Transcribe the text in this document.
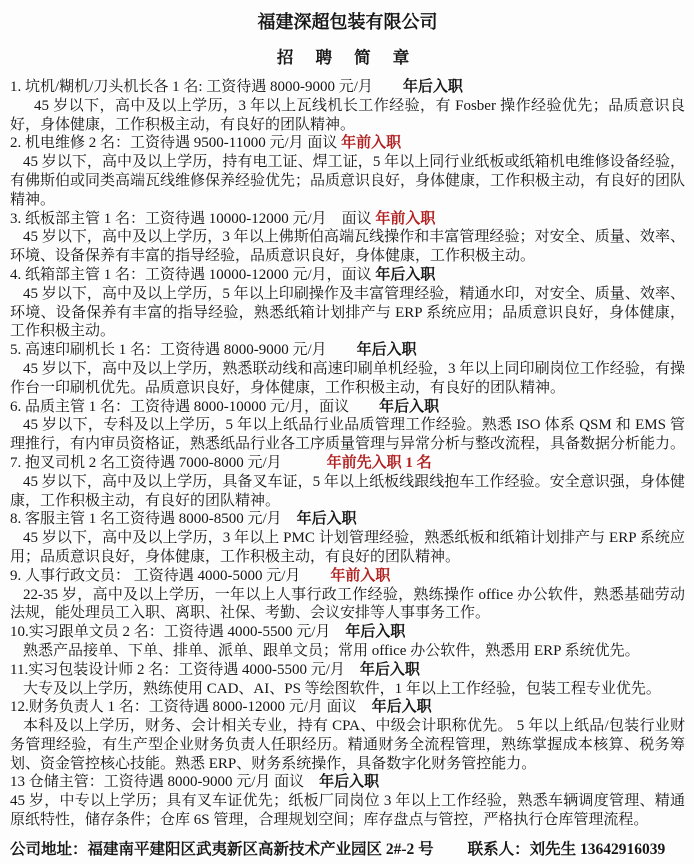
福建深超包装有限公司
招 聘 简 章

1. 坑机/糊机/刀头机长各 1 名: 工资待遇 8000-9000 元/月　　年后入职

45 岁以下，高中及以上学历，3 年以上瓦线机长工作经验，有 Fosber 操作经验优先；品质意识良好，身体健康，工作积极主动，有良好的团队精神。

2. 机电维修 2 名：工资待遇 9500-11000 元/月 面议 年前入职

45 岁以下，高中及以上学历，持有电工证、焊工证，5 年以上同行业纸板或纸箱机电维修设备经验，有佛斯伯或同类高端瓦线维修保养经验优先；品质意识良好，身体健康，工作积极主动，有良好的团队精神。

3. 纸板部主管 1 名：工资待遇 10000-12000 元/月　面议 年前入职

45 岁以下，高中及以上学历，3 年以上佛斯伯高端瓦线操作和丰富管理经验；对安全、质量、效率、环境、设备保养有丰富的指导经验，品质意识良好，身体健康，工作积极主动。

4. 纸箱部主管 1 名：工资待遇 10000-12000 元/月，面议 年后入职

45 岁以下，高中及以上学历，5 年以上印刷操作及丰富管理经验，精通水印，对安全、质量、效率、环境、设备保养有丰富的指导经验，熟悉纸箱计划排产与 ERP 系统应用；品质意识良好，身体健康，工作积极主动。

5. 高速印刷机长 1 名：工资待遇 8000-9000 元/月　　年后入职

45 岁以下，高中及以上学历，熟悉联动线和高速印刷单机经验，3 年以上同印刷岗位工作经验，有操作台一印刷机优先。品质意识良好，身体健康，工作积极主动，有良好的团队精神。

6. 品质主管 1 名：工资待遇 8000-10000 元/月，面议　　年后入职

45 岁以下，专科及以上学历，5 年以上纸品行业品质管理工作经验。熟悉 ISO 体系 QSM 和 EMS 管理推行，有内审员资格证，熟悉纸品行业各工序质量管理与异常分析与整改流程，具备数据分析能力。

7. 抱叉司机 2 名工资待遇 7000-8000 元/月　　　年前先入职 1 名

45 岁以下，高中及以上学历，具备叉车证，5 年以上纸板线跟线抱车工作经验。安全意识强，身体健康，工作积极主动，有良好的团队精神。

8. 客服主管 1 名工资待遇 8000-8500 元/月　年后入职

45 岁以下，高中及以上学历，3 年以上 PMC 计划管理经验，熟悉纸板和纸箱计划排产与 ERP 系统应用；品质意识良好，身体健康，工作积极主动，有良好的团队精神。

9. 人事行政文员： 工资待遇 4000-5000 元/月　　年前入职

22-35 岁，高中及以上学历，一年以上人事行政工作经验，熟练操作 office 办公软件，熟悉基础劳动法规，能处理员工入职、离职、社保、考勤、会议安排等人事事务工作。

10.实习跟单文员 2 名：工资待遇 4000-5500 元/月　年后入职

熟悉产品接单、下单、排单、派单、跟单文员；常用 office 办公软件，熟悉用 ERP 系统优先。

11.实习包装设计师 2 名：工资待遇 4000-5500 元/月　年后入职

大专及以上学历，熟练使用 CAD、AI、PS 等绘图软件，1 年以上工作经验，包装工程专业优先。

12.财务负责人 1 名：工资待遇 8000-12000 元/月 面议　年后入职

本科及以上学历，财务、会计相关专业，持有 CPA、中级会计职称优先。 5 年以上纸品/包装行业财务管理经验，有生产型企业财务负责人任职经历。精通财务全流程管理，熟练掌握成本核算、税务筹划、资金管控核心技能。熟悉 ERP、财务系统操作，具备数字化财务管控能力。

13 仓储主管：工资待遇 8000-9000 元/月 面议　年后入职

45 岁，中专以上学历；具有叉车证优先；纸板厂同岗位 3 年以上工作经验，熟悉车辆调度管理、精通原纸特性，储存条件；仓库 6S 管理，合理规划空间；库存盘点与管控，严格执行仓库管理流程。

公司地址：福建南平建阳区武夷新区高新技术产业园区 2#-2 号 联系人：刘先生 13642916039
